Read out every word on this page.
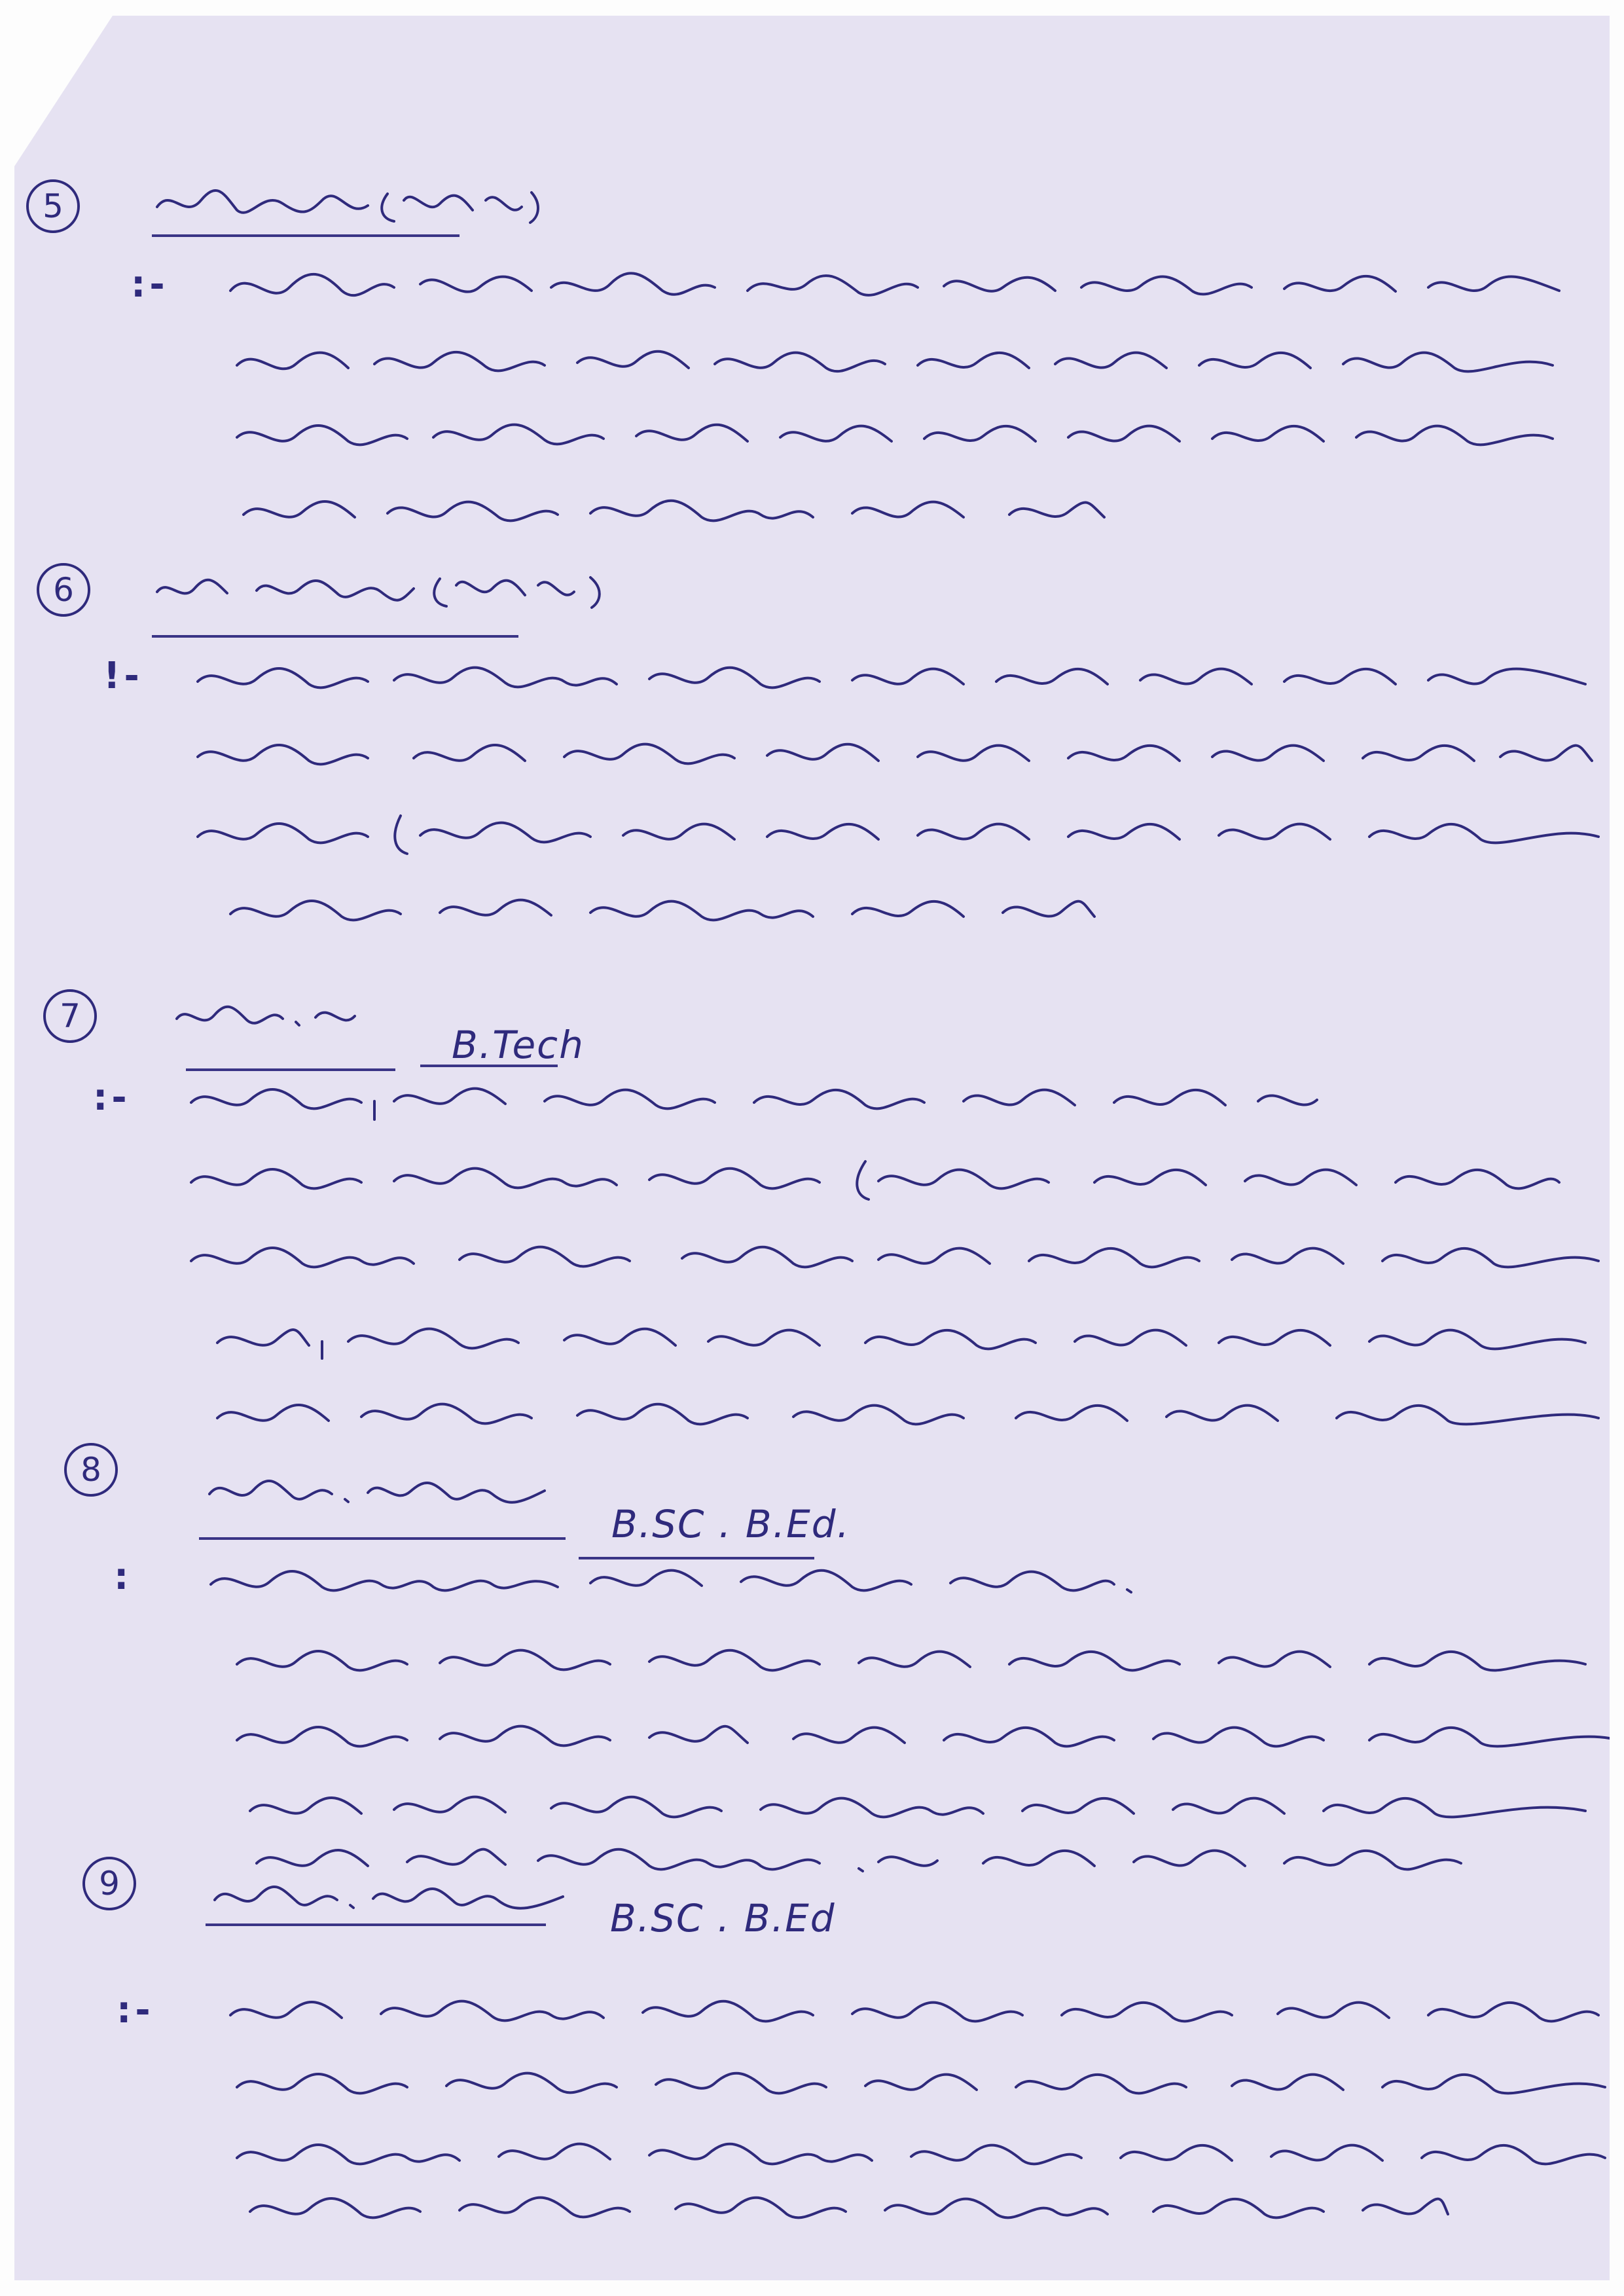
5
:-
6
!-
7
B.Tech
:-
8
B.SC . B.Ed.
:
9
B.SC . B.Ed
:-
